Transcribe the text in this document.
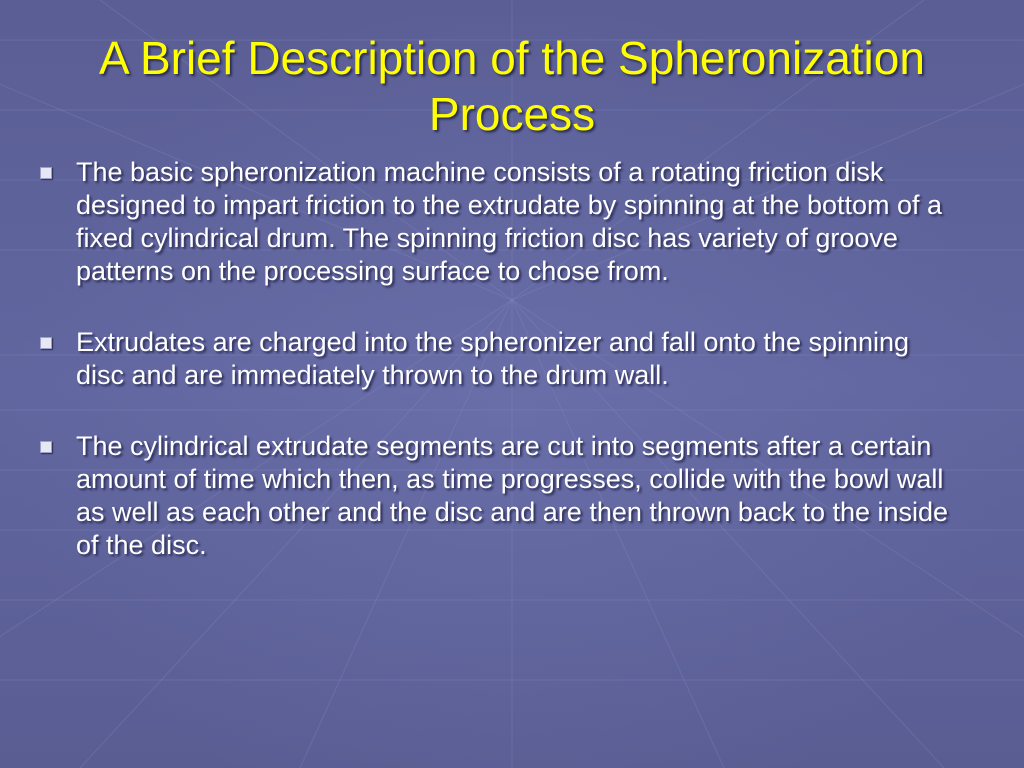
A Brief Description of the Spheronization Process
The basic spheronization machine consists of a rotating friction disk designed to impart friction to the extrudate by spinning at the bottom of a fixed cylindrical drum. The spinning friction disc has variety of groove patterns on the processing surface to chose from.
Extrudates are charged into the spheronizer and fall onto the spinning disc and are immediately thrown to the drum wall.
The cylindrical extrudate segments are cut into segments after a certain amount of time which then, as time progresses, collide with the bowl wall as well as each other and the disc and are then thrown back to the inside of the disc.
